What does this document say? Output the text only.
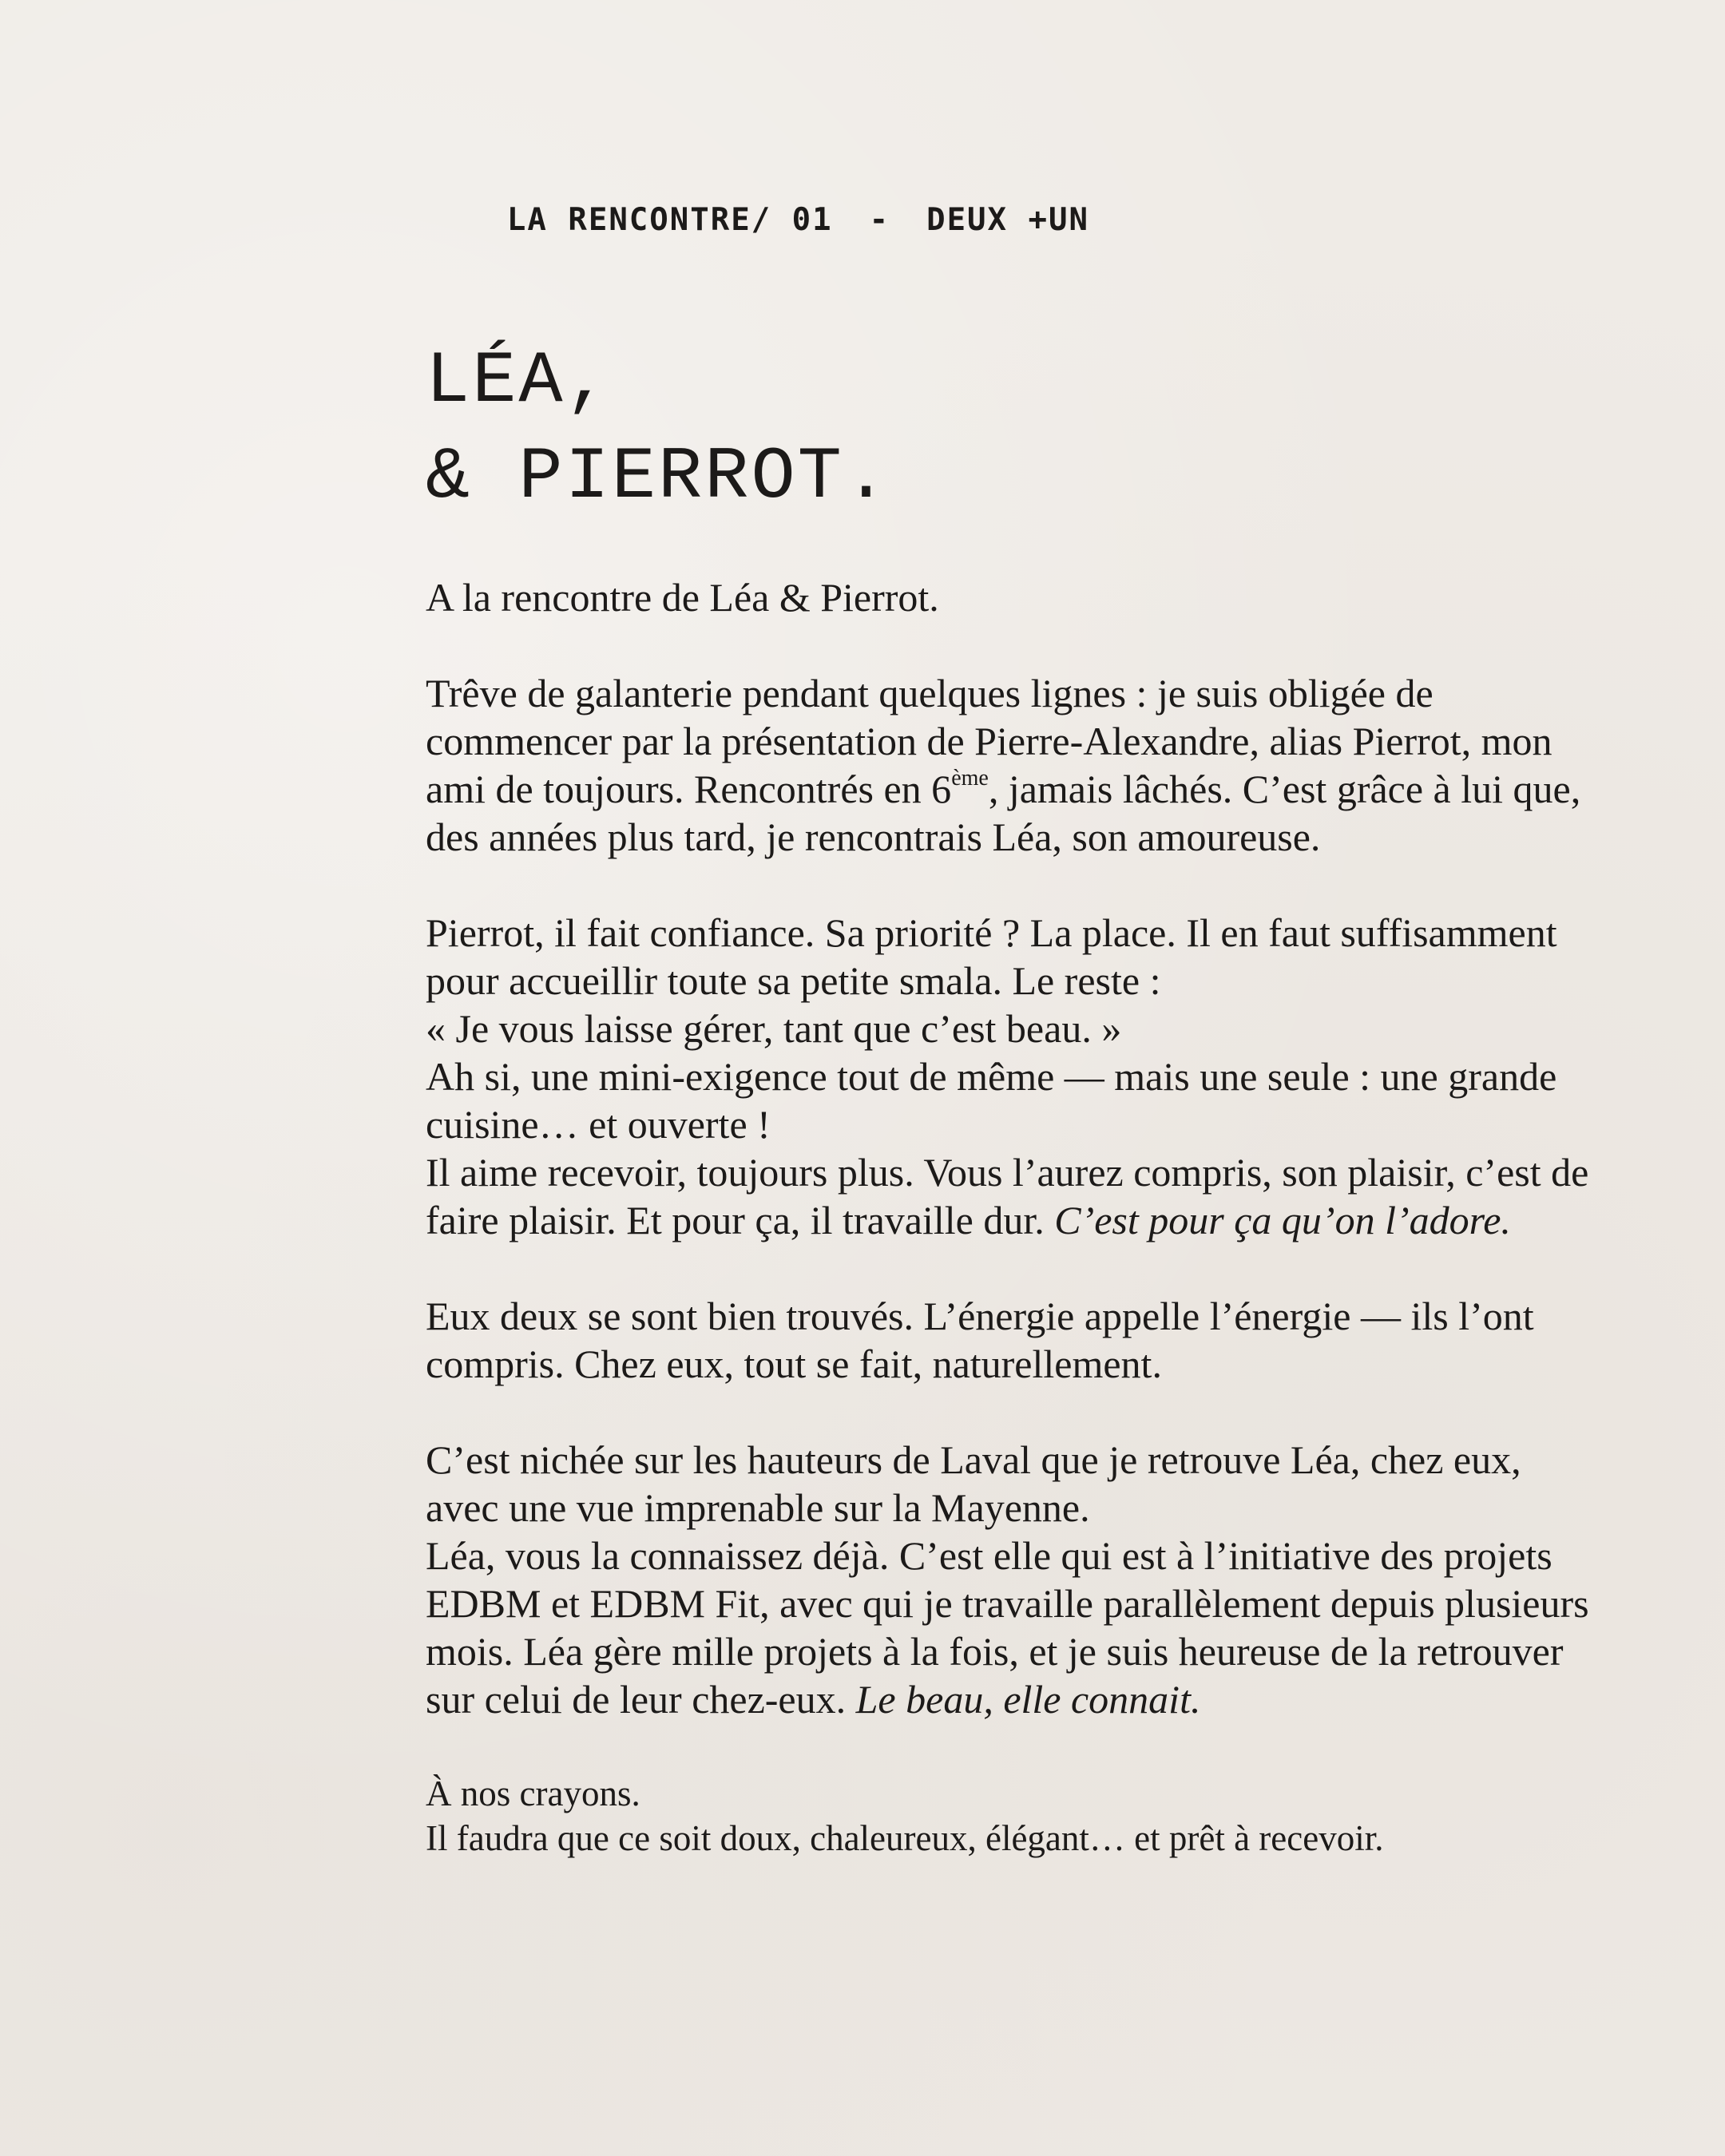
LA RENCONTRE/ 01 - DEUX +UN

LÉA,
& PIERROT.

A la rencontre de Léa & Pierrot.

Trêve de galanterie pendant quelques lignes : je suis obligée de commencer par la présentation de Pierre-Alexandre, alias Pierrot, mon ami de toujours. Rencontrés en 6ème, jamais lâchés. C’est grâce à lui que, des années plus tard, je rencontrais Léa, son amoureuse.

Pierrot, il fait confiance. Sa priorité ? La place. Il en faut suffisamment pour accueillir toute sa petite smala. Le reste :
« Je vous laisse gérer, tant que c’est beau. »
Ah si, une mini-exigence tout de même — mais une seule : une grande cuisine… et ouverte !
Il aime recevoir, toujours plus. Vous l’aurez compris, son plaisir, c’est de faire plaisir. Et pour ça, il travaille dur. C’est pour ça qu’on l’adore.

Eux deux se sont bien trouvés. L’énergie appelle l’énergie — ils l’ont compris. Chez eux, tout se fait, naturellement.

C’est nichée sur les hauteurs de Laval que je retrouve Léa, chez eux, avec une vue imprenable sur la Mayenne.
Léa, vous la connaissez déjà. C’est elle qui est à l’initiative des projets EDBM et EDBM Fit, avec qui je travaille parallèlement depuis plusieurs mois. Léa gère mille projets à la fois, et je suis heureuse de la retrouver sur celui de leur chez-eux. Le beau, elle connait.

À nos crayons.
Il faudra que ce soit doux, chaleureux, élégant… et prêt à recevoir.
